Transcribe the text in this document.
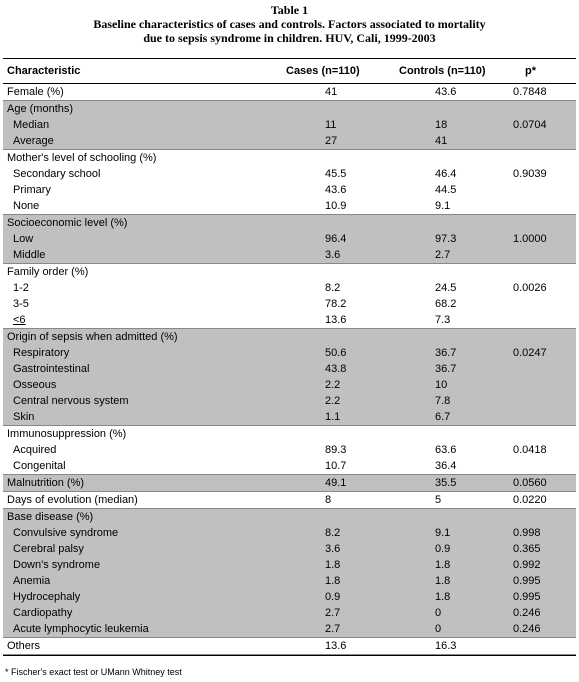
Table 1
Baseline characteristics of cases and controls. Factors associated to mortality
due to sepsis syndrome in children. HUV, Cali, 1999-2003
Characteristic	Cases (n=110)	Controls (n=110)	p*
Female (%)	41	43.6	0.7848
Age (months)
Median	11	18	0.0704
Average	27	41
Mother's level of schooling (%)
Secondary school	45.5	46.4	0.9039
Primary	43.6	44.5
None	10.9	9.1
Socioeconomic level (%)
Low	96.4	97.3	1.0000
Middle	3.6	2.7
Family order (%)
1-2	8.2	24.5	0.0026
3-5	78.2	68.2
<6	13.6	7.3
Origin of sepsis when admitted (%)
Respiratory	50.6	36.7	0.0247
Gastrointestinal	43.8	36.7
Osseous	2.2	10
Central nervous system	2.2	7.8
Skin	1.1	6.7
Immunosuppression (%)
Acquired	89.3	63.6	0.0418
Congenital	10.7	36.4
Malnutrition (%)	49.1	35.5	0.0560
Days of evolution (median)	8	5	0.0220
Base disease (%)
Convulsive syndrome	8.2	9.1	0.998
Cerebral palsy	3.6	0.9	0.365
Down's syndrome	1.8	1.8	0.992
Anemia	1.8	1.8	0.995
Hydrocephaly	0.9	1.8	0.995
Cardiopathy	2.7	0	0.246
Acute lymphocytic leukemia	2.7	0	0.246
Others	13.6	16.3
* Fischer's exact test or UMann Whitney test
